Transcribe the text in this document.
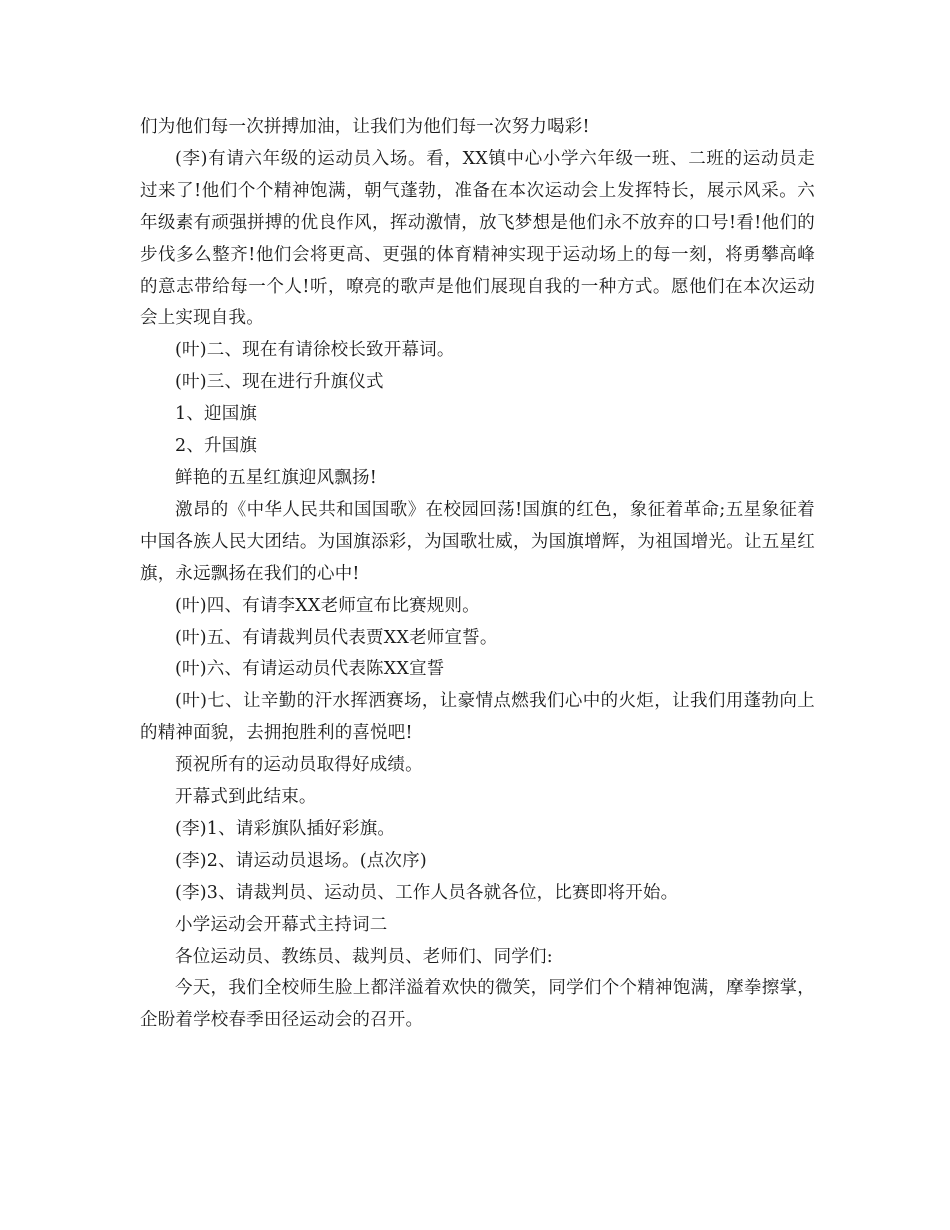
们为他们每一次拼搏加油，让我们为他们每一次努力喝彩!

(李)有请六年级的运动员入场。看，XX镇中心小学六年级一班、二班的运动员走过来了!他们个个精神饱满，朝气蓬勃，准备在本次运动会上发挥特长，展示风采。六年级素有顽强拼搏的优良作风，挥动激情，放飞梦想是他们永不放弃的口号!看!他们的步伐多么整齐!他们会将更高、更强的体育精神实现于运动场上的每一刻，将勇攀高峰的意志带给每一个人!听，嘹亮的歌声是他们展现自我的一种方式。愿他们在本次运动会上实现自我。

(叶)二、现在有请徐校长致开幕词。

(叶)三、现在进行升旗仪式

1、迎国旗

2、升国旗

鲜艳的五星红旗迎风飘扬!

激昂的《中华人民共和国国歌》在校园回荡!国旗的红色，象征着革命;五星象征着中国各族人民大团结。为国旗添彩，为国歌壮威，为国旗增辉，为祖国增光。让五星红旗，永远飘扬在我们的心中!

(叶)四、有请李XX老师宣布比赛规则。

(叶)五、有请裁判员代表贾XX老师宣誓。

(叶)六、有请运动员代表陈XX宣誓

(叶)七、让辛勤的汗水挥洒赛场，让豪情点燃我们心中的火炬，让我们用蓬勃向上的精神面貌，去拥抱胜利的喜悦吧!

预祝所有的运动员取得好成绩。

开幕式到此结束。

(李)1、请彩旗队插好彩旗。

(李)2、请运动员退场。(点次序)

(李)3、请裁判员、运动员、工作人员各就各位，比赛即将开始。

小学运动会开幕式主持词二

各位运动员、教练员、裁判员、老师们、同学们:

今天，我们全校师生脸上都洋溢着欢快的微笑，同学们个个精神饱满，摩拳擦掌， 企盼着学校春季田径运动会的召开。
